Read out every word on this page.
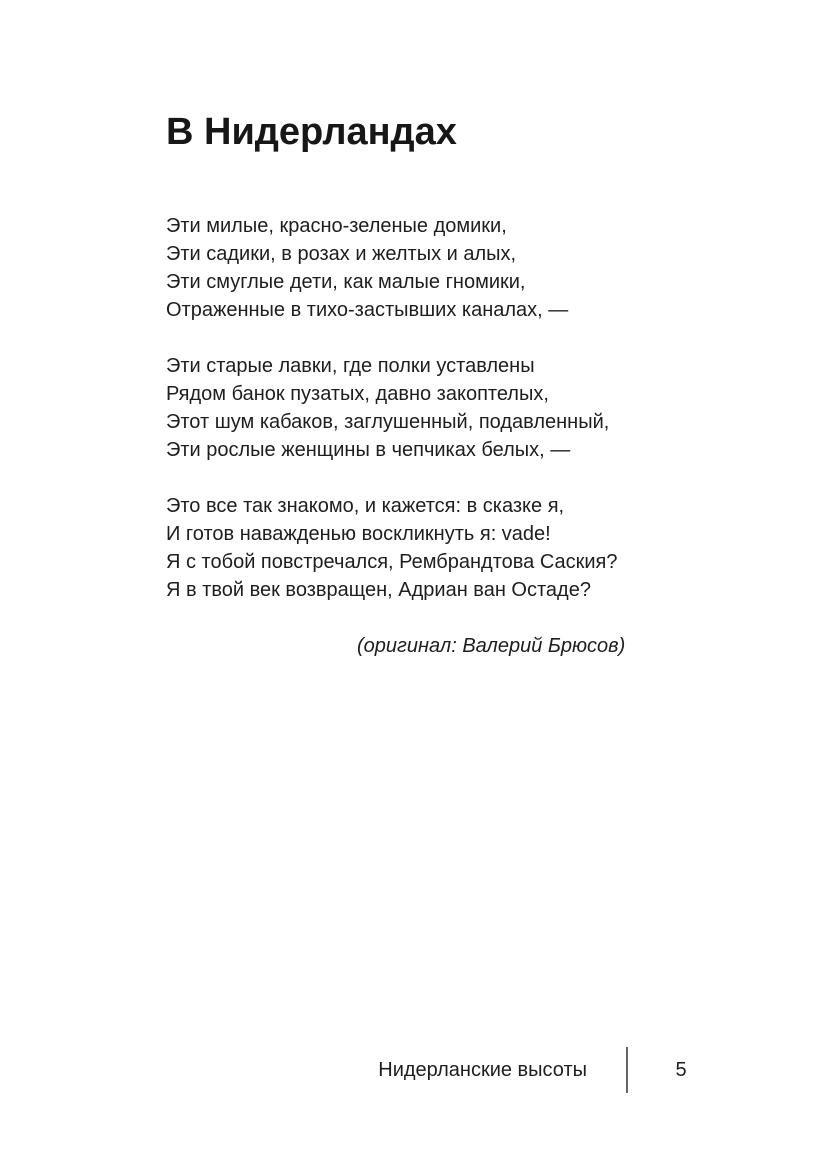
В Нидерландах
Эти милые, красно-зеленые домики,
Эти садики, в розах и желтых и алых,
Эти смуглые дети, как малые гномики,
Отраженные в тихо-застывших каналах, —
Эти старые лавки, где полки уставлены
Рядом банок пузатых, давно закоптелых,
Этот шум кабаков, заглушенный, подавленный,
Эти рослые женщины в чепчиках белых, —
Это все так знакомо, и кажется: в сказке я,
И готов наважденью воскликнуть я: vade!
Я с тобой повстречался, Рембрандтова Саския?
Я в твой век возвращен, Адриан ван Остаде?
(оригинал: Валерий Брюсов)
Нидерланские высоты	5
